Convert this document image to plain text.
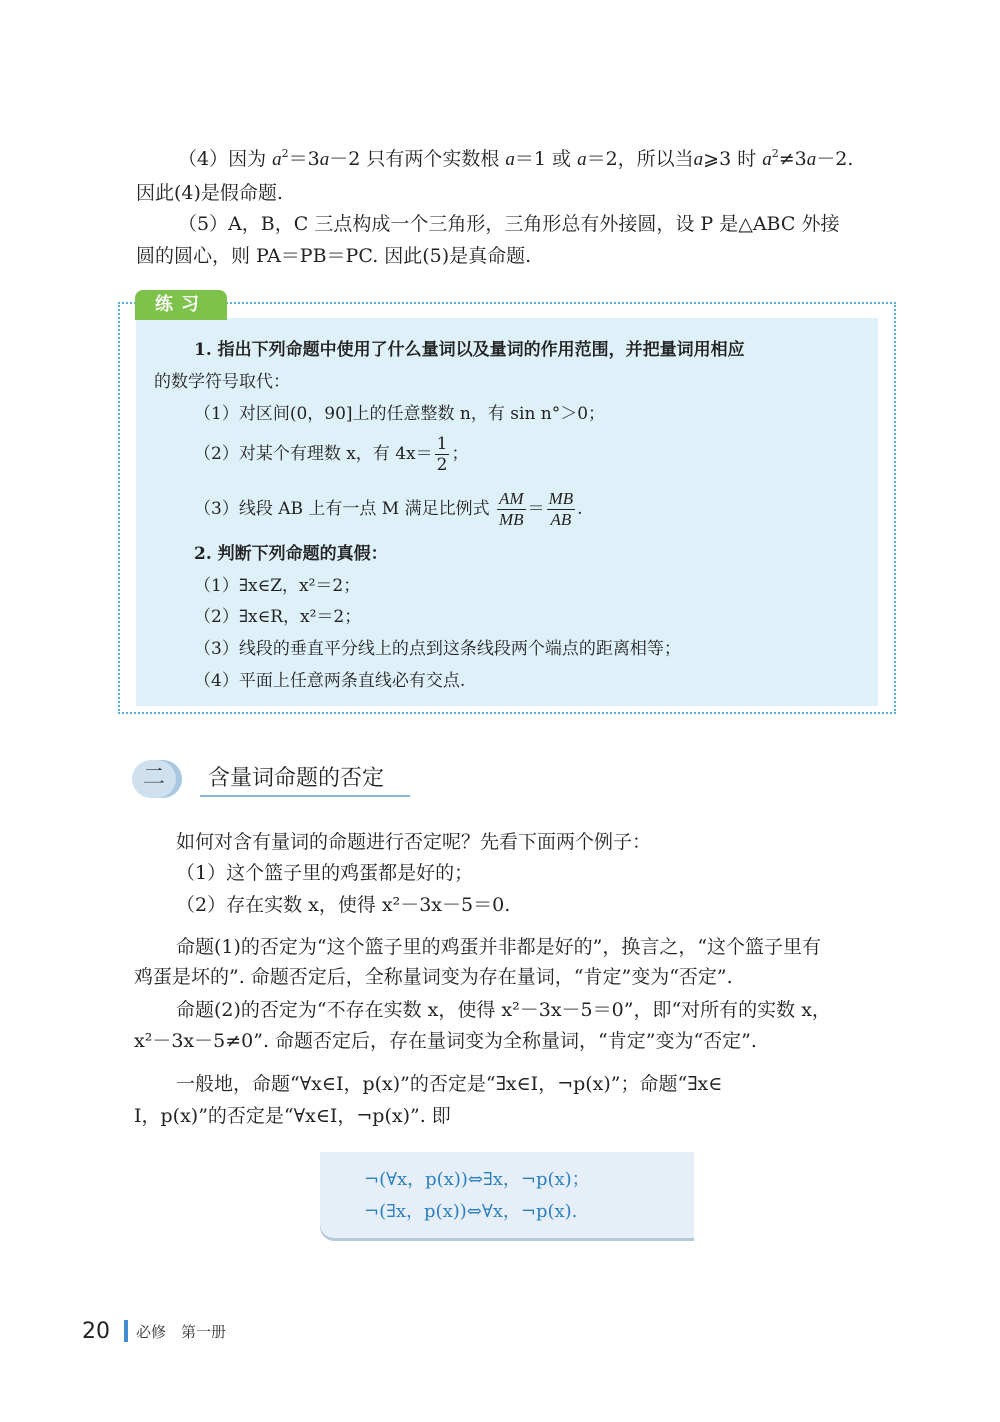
（4）因为 $a^2=3a-2$ 只有两个实数根 a＝1 或 a＝2，所以当a⩾3 时 $a^2\ne 3a-2$.
因此(4)是假命题.
（5）A，B，C 三点构成一个三角形，三角形总有外接圆，设 P 是△ABC 外接
圆的圆心，则 PA＝PB＝PC. 因此(5)是真命题.
练习
1. 指出下列命题中使用了什么量词以及量词的作用范围，并把量词用相应
的数学符号取代：
（1）对区间(0，90]上的任意整数 n，有 sin n°＞0；
（2）对某个有理数 x，有 $4x= \frac{1}{2}$ ；
（3）线段 AB 上有一点 M 满足比例式 $\frac{AM}{MB} = \frac{MB}{AB}$ .
2. 判断下列命题的真假：
（1）∃x∈Z，x²＝2；
（2）∃x∈R，x²＝2；
（3）线段的垂直平分线上的点到这条线段两个端点的距离相等；
（4）平面上任意两条直线必有交点.
二	含量词命题的否定
如何对含有量词的命题进行否定呢？先看下面两个例子：
（1）这个篮子里的鸡蛋都是好的；
（2）存在实数 x，使得 x²－3x－5＝0.
命题(1)的否定为“这个篮子里的鸡蛋并非都是好的”，换言之，“这个篮子里有
鸡蛋是坏的”. 命题否定后，全称量词变为存在量词，“肯定”变为“否定”.
命题(2)的否定为“不存在实数 x，使得 x²－3x－5＝0”，即“对所有的实数 x，
x²－3x－5≠0”. 命题否定后，存在量词变为全称量词，“肯定”变为“否定”.
一般地，命题“∀x∈I，p(x)”的否定是“∃x∈I，¬p(x)”；命题“∃x∈
I，p(x)”的否定是“∀x∈I，¬p(x)”. 即
¬(∀x，p(x))⇔∃x，¬p(x)；
¬(∃x，p(x))⇔∀x，¬p(x).
20 必修　第一册
